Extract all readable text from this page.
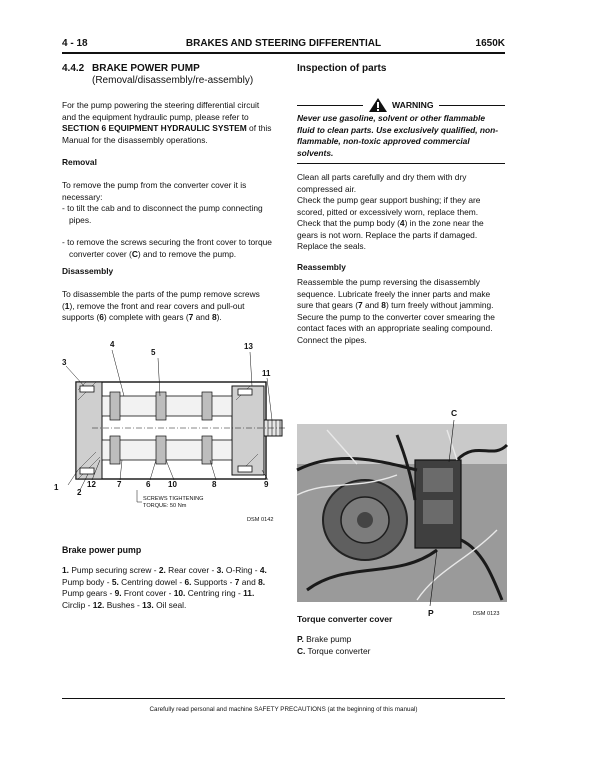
4 - 18	BRAKES AND STEERING DIFFERENTIAL	1650K
4.4.2 BRAKE POWER PUMP
(Removal/disassembly/re-assembly)

For the pump powering the steering differential circuit and the equipment hydraulic pump, please refer to SECTION 6 EQUIPMENT HYDRAULIC SYSTEM of this Manual for the disassembly operations.

Removal

To remove the pump from the converter cover it is necessary:

- to tilt the cab and to disconnect the pump connecting pipes.

- to remove the screws securing the front cover to torque converter cover (C) and to remove the pump.

Disassembly

To disassemble the parts of the pump remove screws (1), remove the front and rear covers and pull-out supports (6) complete with gears (7 and 8).

3
4
5
13
11
1
2
12	7	6 10	8	9
SCREWS TIGHTENING
TORQUE: 50 Nm
DSM 0142
Brake power pump
1. Pump securing screw - 2. Rear cover - 3. O-Ring - 4. Pump body - 5. Centring dowel - 6. Supports - 7 and 8. Pump gears - 9. Front cover - 10. Centring ring - 11. Circlip - 12. Bushes - 13. Oil seal.
Inspection of parts
WARNING
Never use gasoline, solvent or other flammable fluid to clean parts. Use exclusively qualified, non-flammable, non-toxic approved commercial solvents.

Clean all parts carefully and dry them with dry compressed air.

Check the pump gear support bushing; if they are scored, pitted or excessively worn, replace them.

Check that the pump body (4) in the zone near the gears is not worn. Replace the parts if damaged.

Replace the seals.

Reassembly

Reassemble the pump reversing the disassembly sequence. Lubricate freely the inner parts and make sure that gears (7 and 8) turn freely without jamming.

Secure the pump to the converter cover smearing the contact faces with an appropriate sealing compound.

Connect the pipes.

C
P	DSM 0123
Torque converter cover

P. Brake pump

C. Torque converter

Carefully read personal and machine SAFETY PRECAUTIONS (at the beginning of this manual)
